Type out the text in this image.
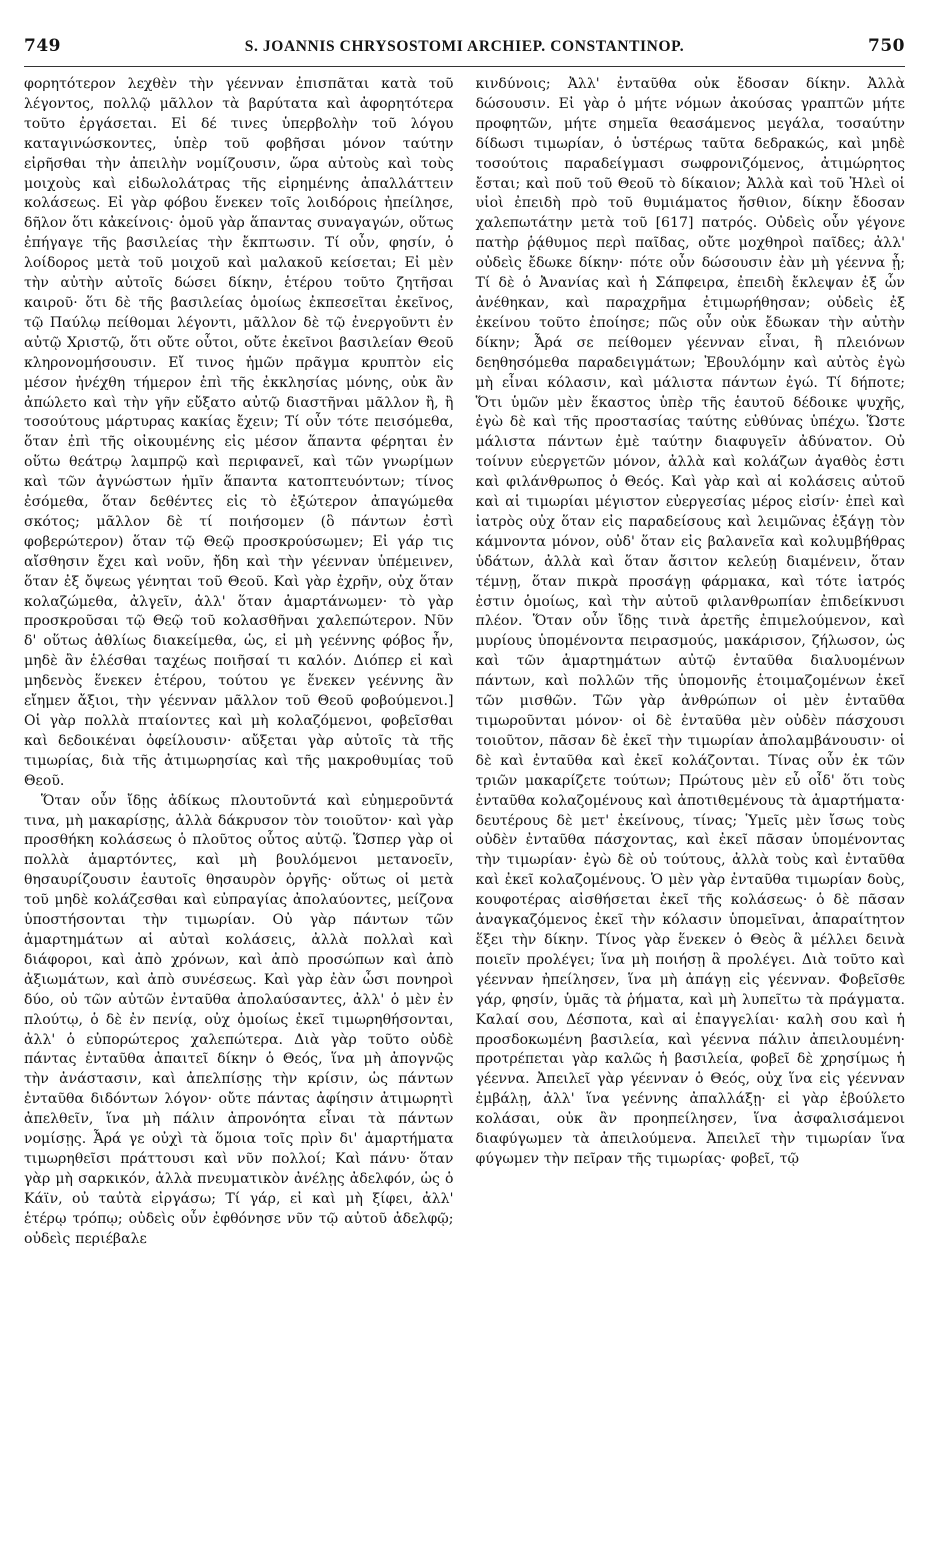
749	S. JOANNIS CHRYSOSTOMI ARCHIEP. CONSTANTINOP.	750

φορητότερον λεχθὲν τὴν γέενναν ἐπισπᾶται κατὰ τοῦ λέγοντος, πολλῷ μᾶλλον τὰ βαρύτατα καὶ ἀφορητότερα τοῦτο ἐργάσεται. Εἰ δέ τινες ὑπερβολὴν τοῦ λόγου καταγινώσκοντες, ὑπὲρ τοῦ φοβῆσαι μόνον ταύτην εἰρῆσθαι τὴν ἀπειλὴν νομίζουσιν, ὥρα αὐτοὺς καὶ τοὺς μοιχοὺς καὶ εἰδωλολάτρας τῆς εἰρημένης ἀπαλλάττειν κολάσεως. Εἰ γὰρ φόβου ἕνεκεν τοῖς λοιδόροις ἠπείλησε, δῆλον ὅτι κἀκείνοις· ὁμοῦ γὰρ ἅπαντας συναγαγών, οὕτως ἐπήγαγε τῆς βασιλείας τὴν ἔκπτωσιν. Τί οὖν, φησίν, ὁ λοίδορος μετὰ τοῦ μοιχοῦ καὶ μαλακοῦ κείσεται; Εἰ μὲν τὴν αὐτὴν αὐτοῖς δώσει δίκην, ἑτέρου τοῦτο ζητῆσαι καιροῦ· ὅτι δὲ τῆς βασιλείας ὁμοίως ἐκπεσεῖται ἐκεῖνος, τῷ Παύλῳ πείθομαι λέγοντι, μᾶλλον δὲ τῷ ἐνεργοῦντι ἐν αὐτῷ Χριστῷ, ὅτι οὔτε οὗτοι, οὔτε ἐκεῖνοι βασιλείαν Θεοῦ κληρονομήσουσιν. Εἴ τινος ἡμῶν πρᾶγμα κρυπτὸν εἰς μέσον ἠνέχθη τήμερον ἐπὶ τῆς ἐκκλησίας μόνης, οὐκ ἂν ἀπώλετο καὶ τὴν γῆν εὔξατο αὐτῷ διαστῆναι μᾶλλον ἢ, ἢ τοσούτους μάρτυρας κακίας ἔχειν; Τί οὖν τότε πεισόμεθα, ὅταν ἐπὶ τῆς οἰκουμένης εἰς μέσον ἅπαντα φέρηται ἐν οὕτω θεάτρῳ λαμπρῷ καὶ περιφανεῖ, καὶ τῶν γνωρίμων καὶ τῶν ἀγνώστων ἡμῖν ἅπαντα κατοπτευόντων; τίνος ἐσόμεθα, ὅταν δεθέντες εἰς τὸ ἐξώτερον ἀπαγώμεθα σκότος; μᾶλλον δὲ τί ποιήσομεν (ὃ πάντων ἐστὶ φοβερώτερον) ὅταν τῷ Θεῷ προσκρούσωμεν; Εἰ γάρ τις αἴσθησιν ἔχει καὶ νοῦν, ἤδη καὶ τὴν γέενναν ὑπέμεινεν, ὅταν ἐξ ὄψεως γένηται τοῦ Θεοῦ. Καὶ γὰρ ἐχρῆν, οὐχ ὅταν κολαζώμεθα, ἀλγεῖν, ἀλλ' ὅταν ἁμαρτάνωμεν· τὸ γὰρ προσκροῦσαι τῷ Θεῷ τοῦ κολασθῆναι χαλεπώτερον. Νῦν δ' οὕτως ἀθλίως διακείμεθα, ὡς, εἰ μὴ γεέννης φόβος ἦν, μηδὲ ἂν ἑλέσθαι ταχέως ποιῆσαί τι καλόν. Διόπερ εἰ καὶ μηδενὸς ἕνεκεν ἑτέρου, τούτου γε ἕνεκεν γεέννης ἂν εἴημεν ἄξιοι, τὴν γέενναν μᾶλλον τοῦ Θεοῦ φοβούμενοι.] Οἱ γὰρ πολλὰ πταίοντες καὶ μὴ κολαζόμενοι, φοβεῖσθαι καὶ δεδοικέναι ὀφείλουσιν· αὔξεται γὰρ αὐτοῖς τὰ τῆς τιμωρίας, διὰ τῆς ἀτιμωρησίας καὶ τῆς μακροθυμίας τοῦ Θεοῦ.

Ὅταν οὖν ἴδῃς ἀδίκως πλουτοῦντά καὶ εὐημεροῦντά τινα, μὴ μακαρίσῃς, ἀλλὰ δάκρυσον τὸν τοιοῦτον· καὶ γὰρ προσθήκη κολάσεως ὁ πλοῦτος οὗτος αὐτῷ. Ὥσπερ γὰρ οἱ πολλὰ ἁμαρτόντες, καὶ μὴ βουλόμενοι μετανοεῖν, θησαυρίζουσιν ἑαυτοῖς θησαυρὸν ὀργῆς· οὕτως οἱ μετὰ τοῦ μηδὲ κολάζεσθαι καὶ εὐπραγίας ἀπολαύοντες, μείζονα ὑποστήσονται τὴν τιμωρίαν. Οὐ γὰρ πάντων τῶν ἁμαρτημάτων αἱ αὐταὶ κολάσεις, ἀλλὰ πολλαὶ καὶ διάφοροι, καὶ ἀπὸ χρόνων, καὶ ἀπὸ προσώπων καὶ ἀπὸ ἀξιωμάτων, καὶ ἀπὸ συνέσεως. Καὶ γὰρ ἐὰν ὦσι πονηροὶ δύο, οὐ τῶν αὐτῶν ἐνταῦθα ἀπολαύσαντες, ἀλλ' ὁ μὲν ἐν πλούτῳ, ὁ δὲ ἐν πενίᾳ, οὐχ ὁμοίως ἐκεῖ τιμωρηθήσονται, ἀλλ' ὁ εὐπορώτερος χαλεπώτερα. Διὰ γὰρ τοῦτο οὐδὲ πάντας ἐνταῦθα ἀπαιτεῖ δίκην ὁ Θεός, ἵνα μὴ ἀπογνῷς τὴν ἀνάστασιν, καὶ ἀπελπίσῃς τὴν κρίσιν, ὡς πάντων ἐνταῦθα διδόντων λόγον· οὔτε πάντας ἀφίησιν ἀτιμωρητὶ ἀπελθεῖν, ἵνα μὴ πάλιν ἀπρονόητα εἶναι τὰ πάντων νομίσῃς. Ἆρά γε οὐχὶ τὰ ὅμοια τοῖς πρὶν δι' ἁμαρτήματα τιμωρηθεῖσι πράττουσι καὶ νῦν πολλοί; Καὶ πάνυ· ὅταν γὰρ μὴ σαρκικόν, ἀλλὰ πνευματικὸν ἀνέλῃς ἀδελφόν, ὡς ὁ Κάϊν, οὐ ταὐτὰ εἰργάσω; Τί γάρ, εἰ καὶ μὴ ξίφει, ἀλλ' ἑτέρῳ τρόπῳ; οὐδεὶς οὖν ἐφθόνησε νῦν τῷ αὐτοῦ ἀδελφῷ; οὐδεὶς περιέβαλε

κινδύνοις; Ἀλλ' ἐνταῦθα οὐκ ἔδοσαν δίκην. Ἀλλὰ δώσουσιν. Εἰ γὰρ ὁ μήτε νόμων ἀκούσας γραπτῶν μήτε προφητῶν, μήτε σημεῖα θεασάμενος μεγάλα, τοσαύτην δίδωσι τιμωρίαν, ὁ ὑστέρως ταῦτα δεδρακώς, καὶ μηδὲ τοσούτοις παραδείγμασι σωφρονιζόμενος, ἀτιμώρητος ἔσται; καὶ ποῦ τοῦ Θεοῦ τὸ δίκαιον; Ἀλλὰ καὶ τοῦ Ἠλεὶ οἱ υἱοὶ ἐπειδὴ πρὸ τοῦ θυμιάματος ἤσθιον, δίκην ἔδοσαν χαλεπωτάτην μετὰ τοῦ [617] πατρός. Οὐδεὶς οὖν γέγονε πατὴρ ῥᾴθυμος περὶ παῖδας, οὔτε μοχθηροὶ παῖδες; ἀλλ' οὐδεὶς ἔδωκε δίκην· πότε οὖν δώσουσιν ἐὰν μὴ γέεννα ᾖ; Τί δὲ ὁ Ἀνανίας καὶ ἡ Σάπφειρα, ἐπειδὴ ἔκλεψαν ἐξ ὧν ἀνέθηκαν, καὶ παραχρῆμα ἐτιμωρήθησαν; οὐδεὶς ἐξ ἐκείνου τοῦτο ἐποίησε; πῶς οὖν οὐκ ἔδωκαν τὴν αὐτὴν δίκην; Ἆρά σε πείθομεν γέενναν εἶναι, ἢ πλειόνων δεηθησόμεθα παραδειγμάτων; Ἐβουλόμην καὶ αὐτὸς ἐγὼ μὴ εἶναι κόλασιν, καὶ μάλιστα πάντων ἐγώ. Τί δήποτε; Ὅτι ὑμῶν μὲν ἕκαστος ὑπὲρ τῆς ἑαυτοῦ δέδοικε ψυχῆς, ἐγὼ δὲ καὶ τῆς προστασίας ταύτης εὐθύνας ὑπέχω. Ὥστε μάλιστα πάντων ἐμὲ ταύτην διαφυγεῖν ἀδύνατον. Οὐ τοίνυν εὐεργετῶν μόνον, ἀλλὰ καὶ κολάζων ἀγαθὸς ἐστι καὶ φιλάνθρωπος ὁ Θεός. Καὶ γὰρ καὶ αἱ κολάσεις αὐτοῦ καὶ αἱ τιμωρίαι μέγιστον εὐεργεσίας μέρος εἰσίν· ἐπεὶ καὶ ἰατρὸς οὐχ ὅταν εἰς παραδείσους καὶ λειμῶνας ἐξάγῃ τὸν κάμνοντα μόνον, οὐδ' ὅταν εἰς βαλανεῖα καὶ κολυμβήθρας ὑδάτων, ἀλλὰ καὶ ὅταν ἄσιτον κελεύῃ διαμένειν, ὅταν τέμνῃ, ὅταν πικρὰ προσάγῃ φάρμακα, καὶ τότε ἰατρός ἐστιν ὁμοίως, καὶ τὴν αὐτοῦ φιλανθρωπίαν ἐπιδείκνυσι πλέον. Ὅταν οὖν ἴδῃς τινὰ ἀρετῆς ἐπιμελούμενον, καὶ μυρίους ὑπομένοντα πειρασμούς, μακάρισον, ζήλωσον, ὡς καὶ τῶν ἁμαρτημάτων αὐτῷ ἐνταῦθα διαλυομένων πάντων, καὶ πολλῶν τῆς ὑπομονῆς ἑτοιμαζομένων ἐκεῖ τῶν μισθῶν. Τῶν γὰρ ἀνθρώπων οἱ μὲν ἐνταῦθα τιμωροῦνται μόνον· οἱ δὲ ἐνταῦθα μὲν οὐδὲν πάσχουσι τοιοῦτον, πᾶσαν δὲ ἐκεῖ τὴν τιμωρίαν ἀπολαμβάνουσιν· οἱ δὲ καὶ ἐνταῦθα καὶ ἐκεῖ κολάζονται. Τίνας οὖν ἐκ τῶν τριῶν μακαρίζετε τούτων; Πρώτους μὲν εὖ οἶδ' ὅτι τοὺς ἐνταῦθα κολαζομένους καὶ ἀποτιθεμένους τὰ ἁμαρτήματα· δευτέρους δὲ μετ' ἐκείνους, τίνας; Ὑμεῖς μὲν ἴσως τοὺς οὐδὲν ἐνταῦθα πάσχοντας, καὶ ἐκεῖ πᾶσαν ὑπομένοντας τὴν τιμωρίαν· ἐγὼ δὲ οὐ τούτους, ἀλλὰ τοὺς καὶ ἐνταῦθα καὶ ἐκεῖ κολαζομένους. Ὁ μὲν γὰρ ἐνταῦθα τιμωρίαν δοὺς, κουφοτέρας αἰσθήσεται ἐκεῖ τῆς κολάσεως· ὁ δὲ πᾶσαν ἀναγκαζόμενος ἐκεῖ τὴν κόλασιν ὑπομεῖναι, ἀπαραίτητον ἕξει τὴν δίκην. Τίνος γὰρ ἕνεκεν ὁ Θεὸς ἃ μέλλει δεινὰ ποιεῖν προλέγει; ἵνα μὴ ποιήσῃ ἃ προλέγει. Διὰ τοῦτο καὶ γέενναν ἠπείλησεν, ἵνα μὴ ἀπάγῃ εἰς γέενναν. Φοβεῖσθε γάρ, φησίν, ὑμᾶς τὰ ῥήματα, καὶ μὴ λυπεῖτω τὰ πράγματα. Καλαί σου, Δέσποτα, καὶ αἱ ἐπαγγελίαι· καλὴ σου καὶ ἡ προσδοκωμένη βασιλεία, καὶ γέεννα πάλιν ἀπειλουμένη· προτρέπεται γὰρ καλῶς ἡ βασιλεία, φοβεῖ δὲ χρησίμως ἡ γέεννα. Ἀπειλεῖ γὰρ γέενναν ὁ Θεός, οὐχ ἵνα εἰς γέενναν ἐμβάλῃ, ἀλλ' ἵνα γεέννης ἀπαλλάξῃ· εἰ γὰρ ἐβούλετο κολάσαι, οὐκ ἂν προηπείλησεν, ἵνα ἀσφαλισάμενοι διαφύγωμεν τὰ ἀπειλούμενα. Ἀπειλεῖ τὴν τιμωρίαν ἵνα φύγωμεν τὴν πεῖραν τῆς τιμωρίας· φοβεῖ, τῷ
